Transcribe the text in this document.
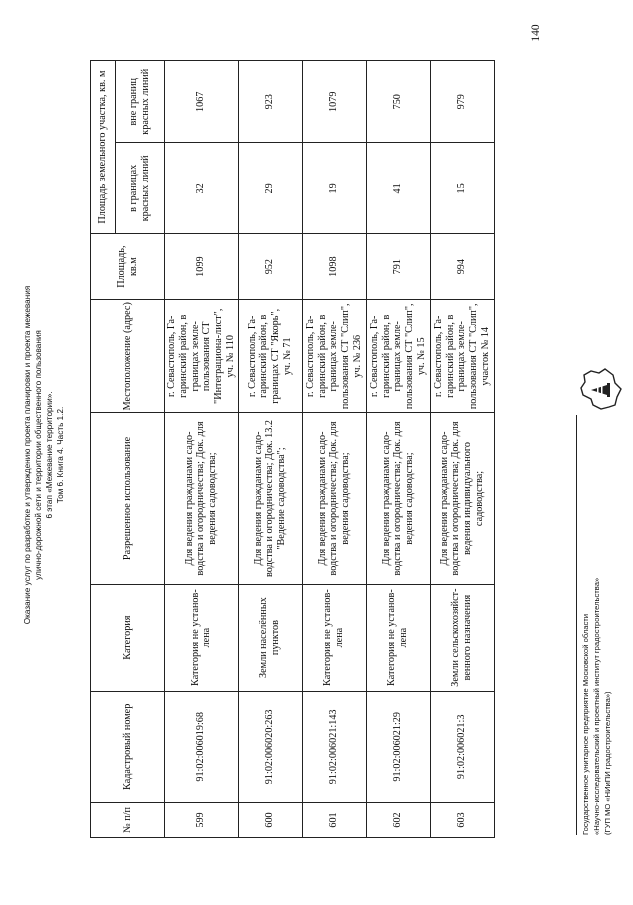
Оказание услуг по разработке и утверждению проекта планировки и проекта межевания улично-дорожной сети и территории общественного пользования 6 этап «Межевание территории». Том 6. Книга 4. Часть 1.2.
140
№ п/п	Кадастровый номер	Категория	Разрешенное использование	Местоположение (адрес)	Площадь, кв.м	Площадь земельного участка, кв. м	
						в границах красных линий	вне границ красных линий
599	91:02:006019:68	Категория не установ-лена	Для ведения гражданами садо-водства и огородничества; Док. для ведения садоводства;	г. Севастополь, Га-гаринский район, в границах земле-пользования СТ "Интеграциона-лист", уч. № 110	1099	32	1067
600	91:02:006020:263	Земли населённых пунктов	Для ведения гражданами садо-водства и огородничества; Док. 13.2 "Ведение садоводства";	г. Севастополь, Га-гаринский район, в границах СТ "Якорь", уч. № 71	952	29	923
601	91:02:006021:143	Категория не установ-лена	Для ведения гражданами садо-водства и огородничества; Док. для ведения садоводства;	г. Севастополь, Га-гаринский район, в границах земле-пользования СТ "Слип", уч. № 236	1098	19	1079
602	91:02:006021:29	Категория не установ-лена	Для ведения гражданами садо-водства и огородничества; Док. для ведения садоводства;	г. Севастополь, Га-гаринский район, в границах земле-пользования СТ "Слип", уч. № 15	791	41	750
603	91:02:006021:3	Земли сельскохозяйст-венного назначения	Для ведения гражданами садо-водства и огородничества; Док. для ведения индивидуального садоводства;	г. Севастополь, Га-гаринский район, в границах земле-пользования СТ "Слип", участок № 14	994	15	979
Государственное унитарное предприятие Московской области «Научно-исследовательский и проектный институт градостроительства» (ГУП МО «НИиПИ градостроительства»)
